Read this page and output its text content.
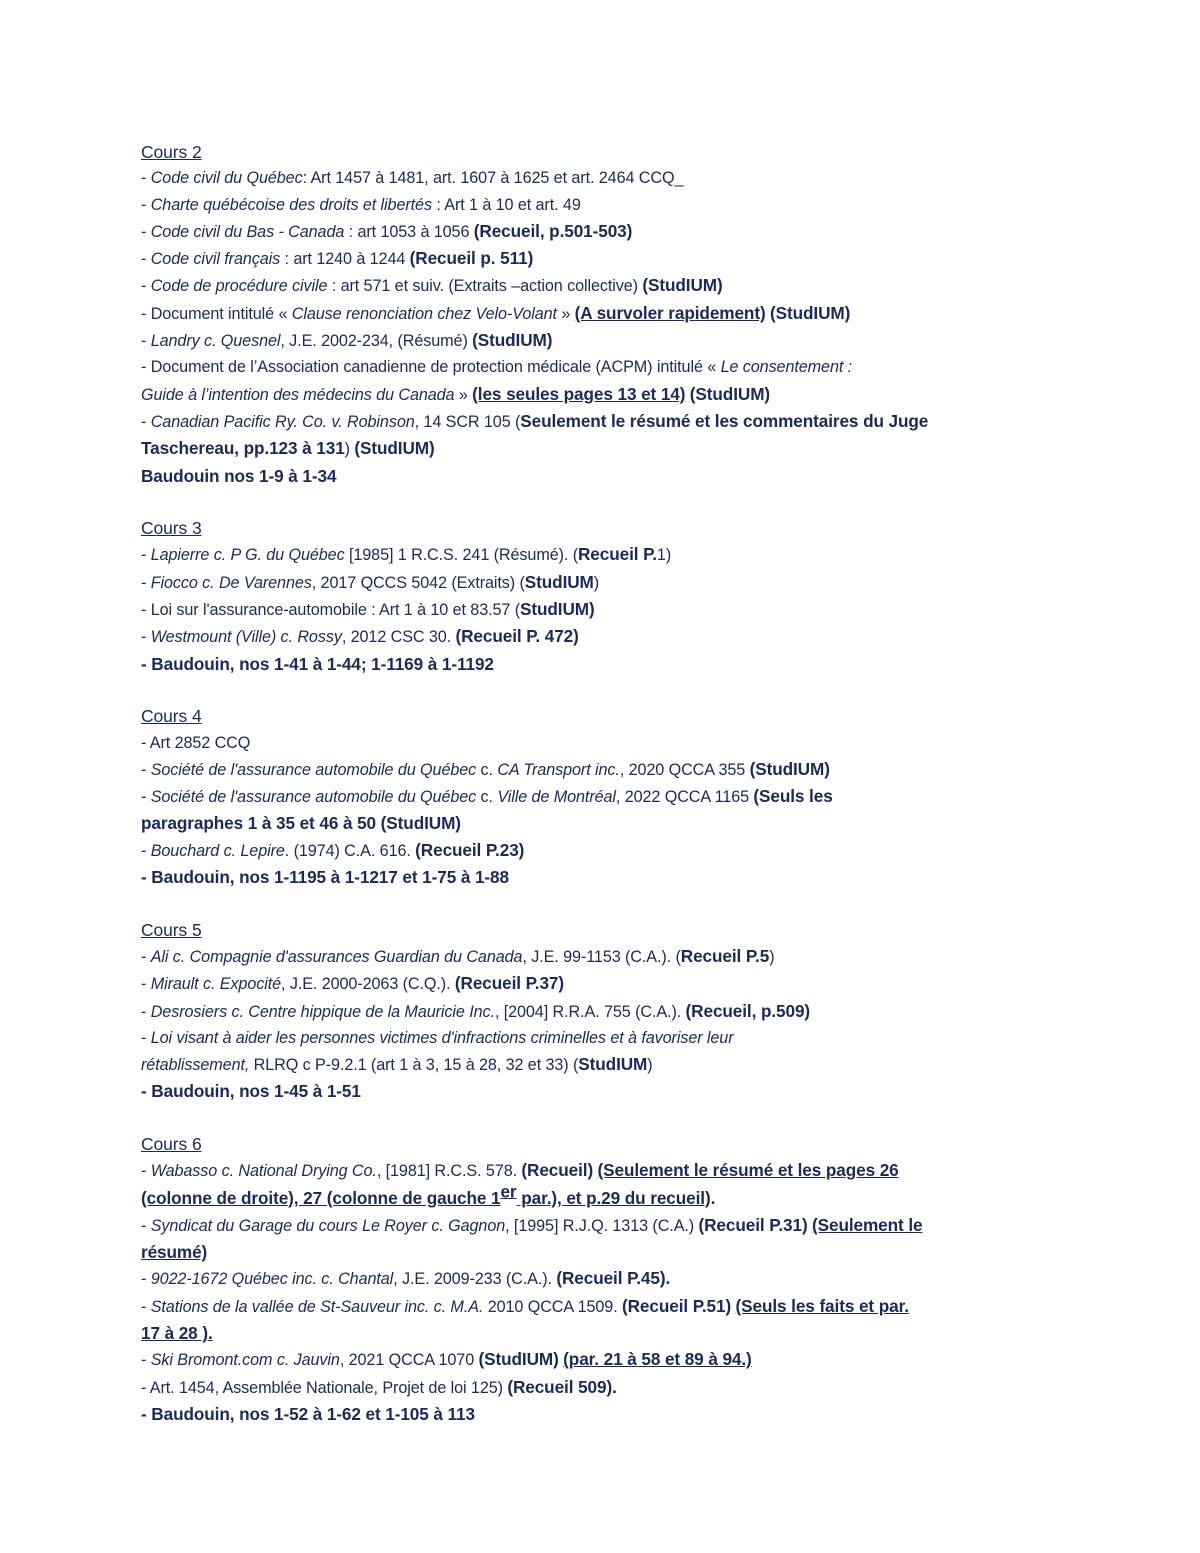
Cours 2
- Code civil du Québec: Art 1457 à 1481, art. 1607 à 1625 et art. 2464 CCQ_
- Charte québécoise des droits et libertés : Art 1 à 10 et art. 49
- Code civil du Bas - Canada : art 1053 à 1056 (Recueil, p.501-503)
- Code civil français : art 1240 à 1244 (Recueil p. 511)
- Code de procédure civile : art 571 et suiv. (Extraits –action collective) (StudIUM)
- Document intitulé « Clause renonciation chez Velo-Volant » (A survoler rapidement) (StudIUM)
- Landry c. Quesnel, J.E. 2002-234, (Résumé) (StudIUM)
- Document de l’Association canadienne de protection médicale (ACPM) intitulé « Le consentement :
Guide à l’intention des médecins du Canada » (les seules pages 13 et 14) (StudIUM)
- Canadian Pacific Ry. Co. v. Robinson, 14 SCR 105 (Seulement le résumé et les commentaires du Juge
Taschereau, pp.123 à 131) (StudIUM)
Baudouin nos 1-9 à 1-34
Cours 3
- Lapierre c. P G. du Québec [1985] 1 R.C.S. 241 (Résumé). (Recueil P.1)
- Fiocco c. De Varennes, 2017 QCCS 5042 (Extraits) (StudIUM)
- Loi sur l'assurance-automobile : Art 1 à 10 et 83.57 (StudIUM)
- Westmount (Ville) c. Rossy, 2012 CSC 30. (Recueil P. 472)
- Baudouin, nos 1-41 à 1-44; 1-1169 à 1-1192
Cours 4
- Art 2852 CCQ
- Société de l'assurance automobile du Québec c. CA Transport inc., 2020 QCCA 355 (StudIUM)
- Société de l'assurance automobile du Québec c. Ville de Montréal, 2022 QCCA 1165 (Seuls les
paragraphes 1 à 35 et 46 à 50 (StudIUM)
- Bouchard c. Lepire. (1974) C.A. 616. (Recueil P.23)
- Baudouin, nos 1-1195 à 1-1217 et 1-75 à 1-88
Cours 5
- Ali c. Compagnie d'assurances Guardian du Canada, J.E. 99-1153 (C.A.). (Recueil P.5)
- Mirault c. Expocité, J.E. 2000-2063 (C.Q.). (Recueil P.37)
- Desrosiers c. Centre hippique de la Mauricie Inc., [2004] R.R.A. 755 (C.A.). (Recueil, p.509)
- Loi visant à aider les personnes victimes d'infractions criminelles et à favoriser leur
rétablissement, RLRQ c P-9.2.1 (art 1 à 3, 15 à 28, 32 et 33) (StudIUM)
- Baudouin, nos 1-45 à 1-51
Cours 6
- Wabasso c. National Drying Co., [1981] R.C.S. 578. (Recueil) (Seulement le résumé et les pages 26
(colonne de droite), 27 (colonne de gauche 1er par.), et p.29 du recueil).
- Syndicat du Garage du cours Le Royer c. Gagnon, [1995] R.J.Q. 1313 (C.A.) (Recueil P.31) (Seulement le
résumé)
- 9022-1672 Québec inc. c. Chantal, J.E. 2009-233 (C.A.). (Recueil P.45).
- Stations de la vallée de St-Sauveur inc. c. M.A. 2010 QCCA 1509. (Recueil P.51) (Seuls les faits et par.
17 à 28 ).
- Ski Bromont.com c. Jauvin, 2021 QCCA 1070 (StudIUM) (par. 21 à 58 et 89 à 94.)
- Art. 1454, Assemblée Nationale, Projet de loi 125) (Recueil 509).
- Baudouin, nos 1-52 à 1-62 et 1-105 à 113
